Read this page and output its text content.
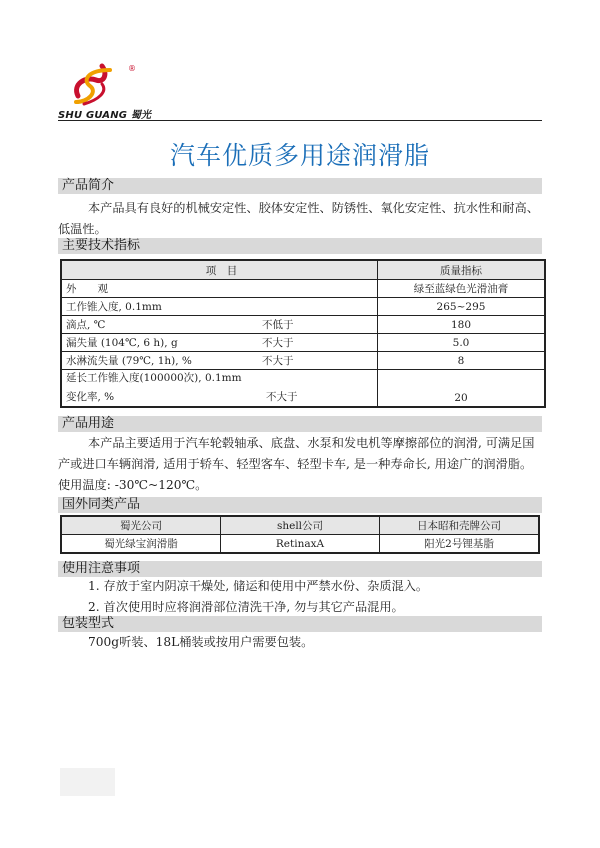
®
SHU GUANG 蜀光
汽车优质多用途润滑脂
产品简介
本产品具有良好的机械安定性、胶体安定性、防锈性、氧化安定性、抗水性和耐高、低温性。
主要技术指标
项　目	质量指标
外　　观	绿至蓝绿色光滑油膏
工作锥入度, 0.1mm	265~295
滴点, ℃ 不低于	180
漏失量 (104℃, 6 h), g 不大于	5.0
水淋流失量 (79℃, 1h), % 不大于	8

延长工作锥入度(100000次), 0.1mm
变化率, % 不大于	20
产品用途
本产品主要适用于汽车轮毂轴承、底盘、水泵和发电机等摩擦部位的润滑, 可满足国产或进口车辆润滑, 适用于轿车、轻型客车、轻型卡车, 是一种寿命长, 用途广的润滑脂。使用温度: -30℃~120℃。
国外同类产品
蜀光公司	shell公司	日本昭和壳牌公司
蜀光绿宝润滑脂	RetinaxA	阳光2号锂基脂
使用注意事项
1. 存放于室内阴凉干燥处, 储运和使用中严禁水份、杂质混入。
2. 首次使用时应将润滑部位清洗干净, 勿与其它产品混用。
包装型式
700g听装、18L桶装或按用户需要包装。
